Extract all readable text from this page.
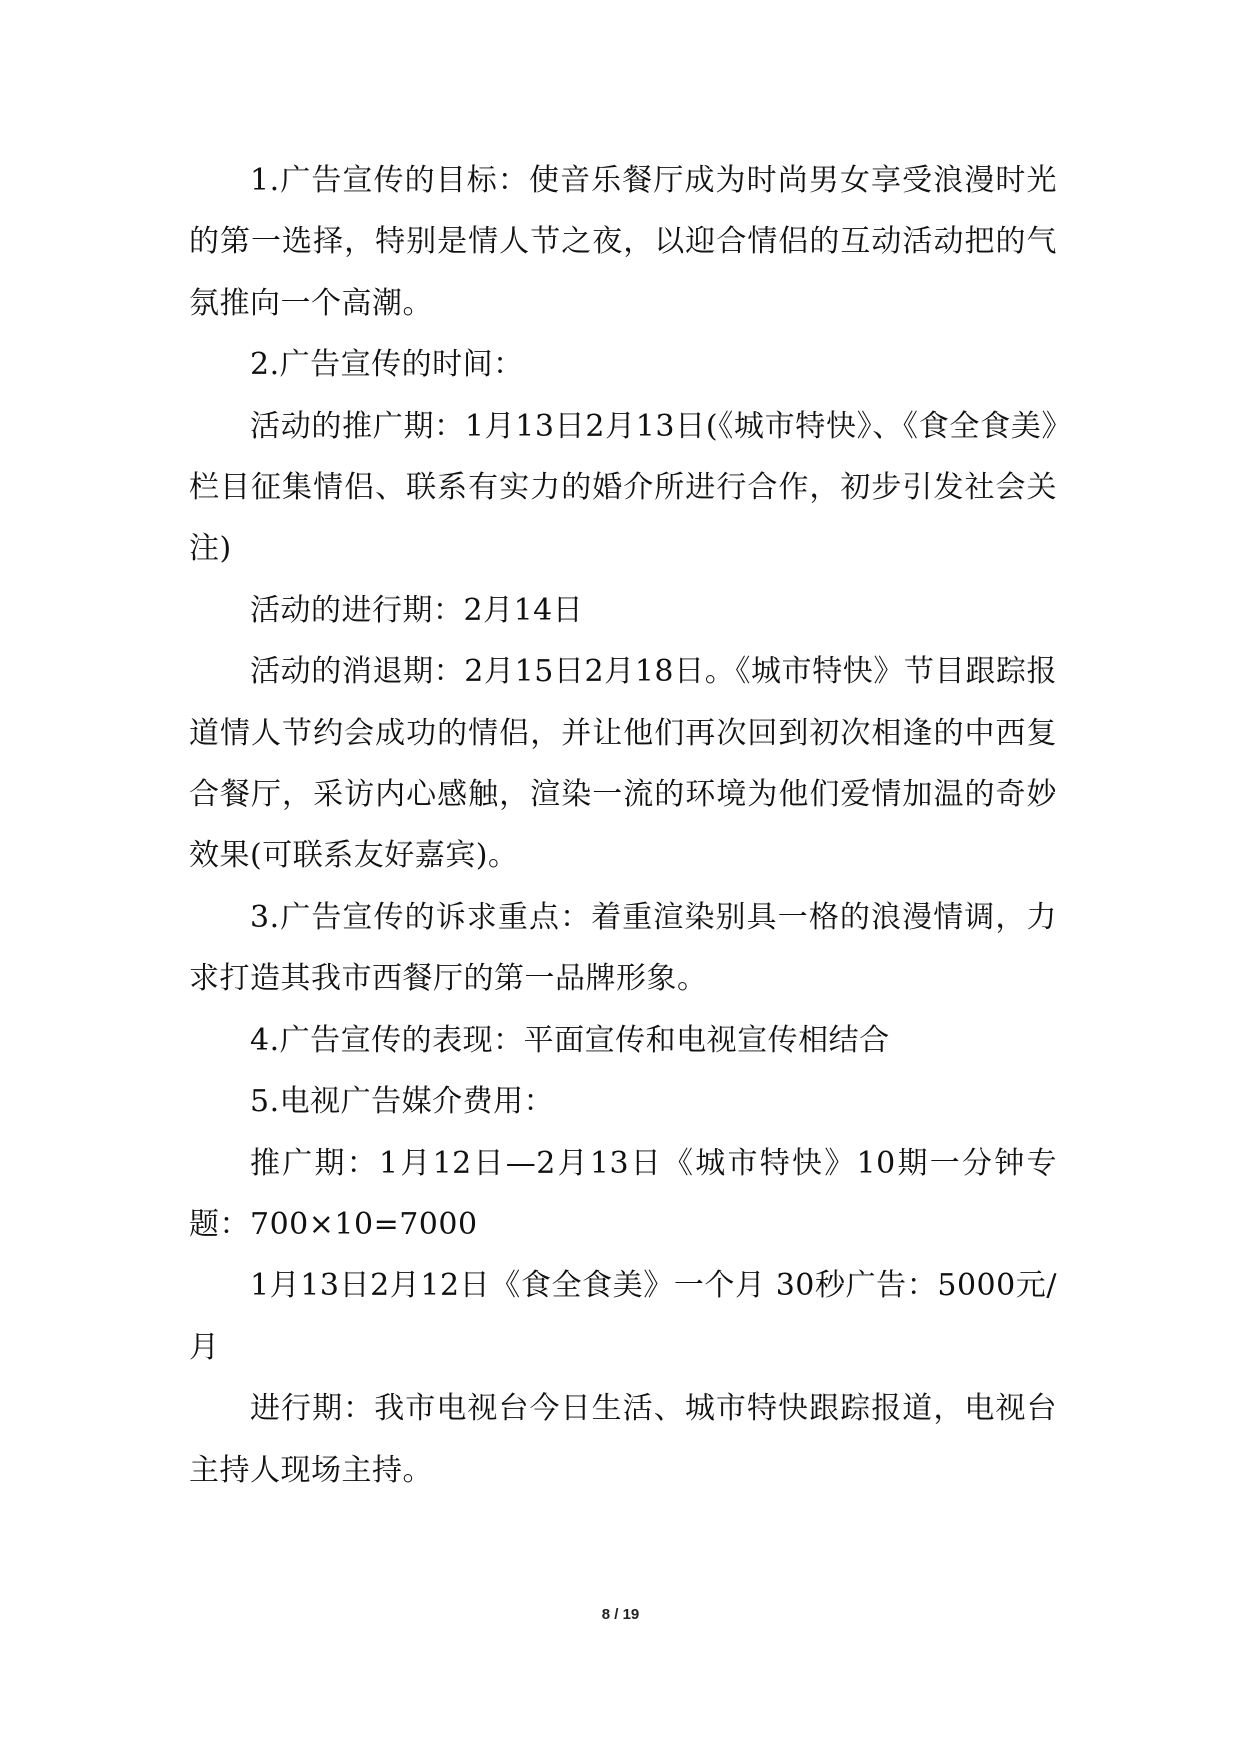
1.广告宣传的目标：使音乐餐厅成为时尚男女享受浪漫时光的第一选择，特别是情人节之夜，以迎合情侣的互动活动把的气氛推向一个高潮。

2.广告宣传的时间：

活动的推广期：1月13日2月13日(《城市特快》、《食全食美》栏目征集情侣、联系有实力的婚介所进行合作，初步引发社会关注)

活动的进行期：2月14日

活动的消退期：2月15日2月18日。《城市特快》节目跟踪报道情人节约会成功的情侣，并让他们再次回到初次相逢的中西复合餐厅，采访内心感触，渲染一流的环境为他们爱情加温的奇妙效果(可联系友好嘉宾)。

3.广告宣传的诉求重点：着重渲染别具一格的浪漫情调，力求打造其我市西餐厅的第一品牌形象。

4.广告宣传的表现：平面宣传和电视宣传相结合

5.电视广告媒介费用：

推广期：1月12日—2月13日《城市特快》10期一分钟专题：700×10=7000

1月13日2月12日《食全食美》一个月 30秒广告：5000元/月

进行期：我市电视台今日生活、城市特快跟踪报道，电视台主持人现场主持。

8 / 19
